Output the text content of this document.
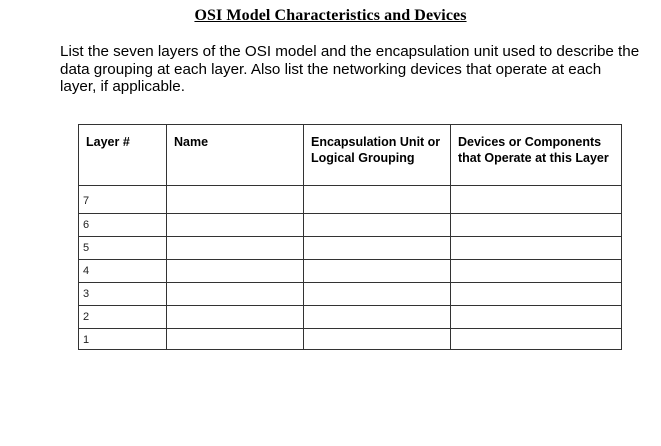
OSI Model Characteristics and Devices

List the seven layers of the OSI model and the encapsulation unit used to describe the data grouping at each layer. Also list the networking devices that operate at each layer, if applicable.

Layer #	Name	Encapsulation Unit or Logical Grouping	Devices or Components that Operate at this Layer
7			
6			
5			
4			
3			
2			
1			
